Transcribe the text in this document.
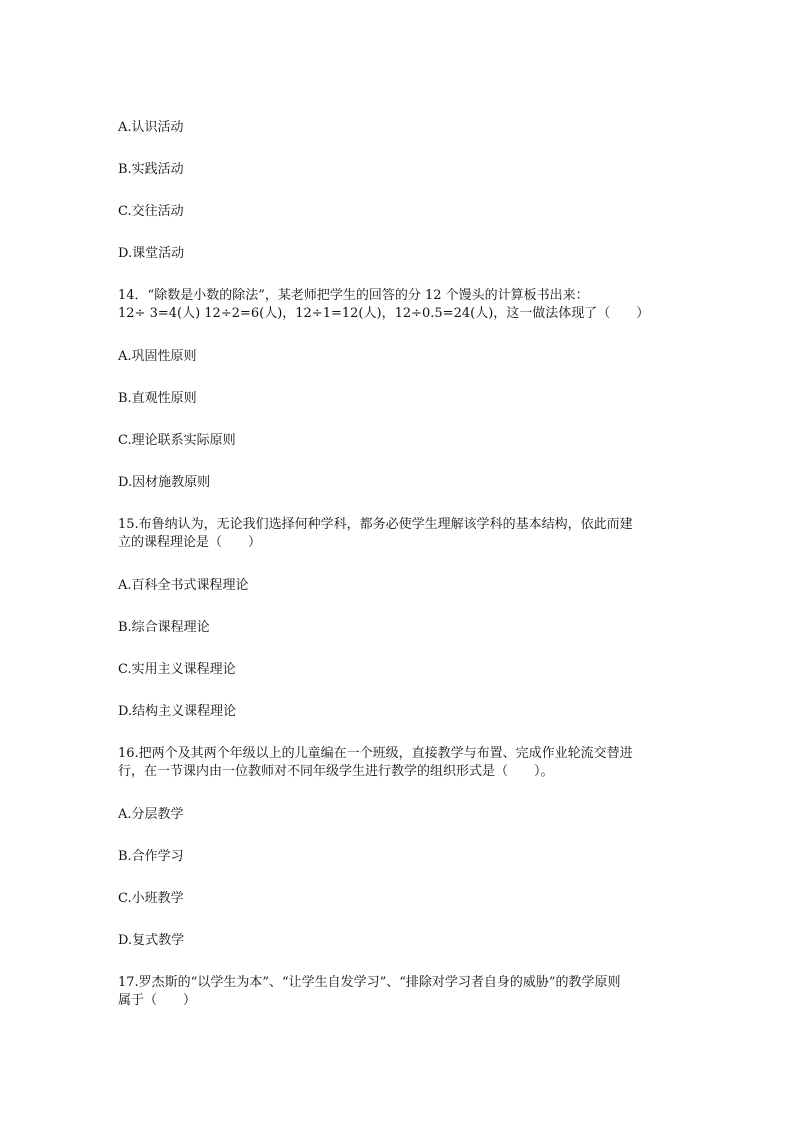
A.认识活动

B.实践活动

C.交往活动

D.课堂活动

14．“除数是小数的除法”，某老师把学生的回答的分 12 个馒头的计算板书出来：

12÷ 3=4(人) 12÷2=6(人)，12÷1=12(人)，12÷0.5=24(人)，这一做法体现了（　　）

A.巩固性原则

B.直观性原则

C.理论联系实际原则

D.因材施教原则

15.布鲁纳认为，无论我们选择何种学科，都务必使学生理解该学科的基本结构，依此而建

立的课程理论是（　　）

A.百科全书式课程理论

B.综合课程理论

C.实用主义课程理论

D.结构主义课程理论

16.把两个及其两个年级以上的儿童编在一个班级，直接教学与布置、完成作业轮流交替进

行，在一节课内由一位教师对不同年级学生进行教学的组织形式是（　　）。

A.分层教学

B.合作学习

C.小班教学

D.复式教学

17.罗杰斯的“以学生为本”、“让学生自发学习”、“排除对学习者自身的威胁”的教学原则

属于（　　）
